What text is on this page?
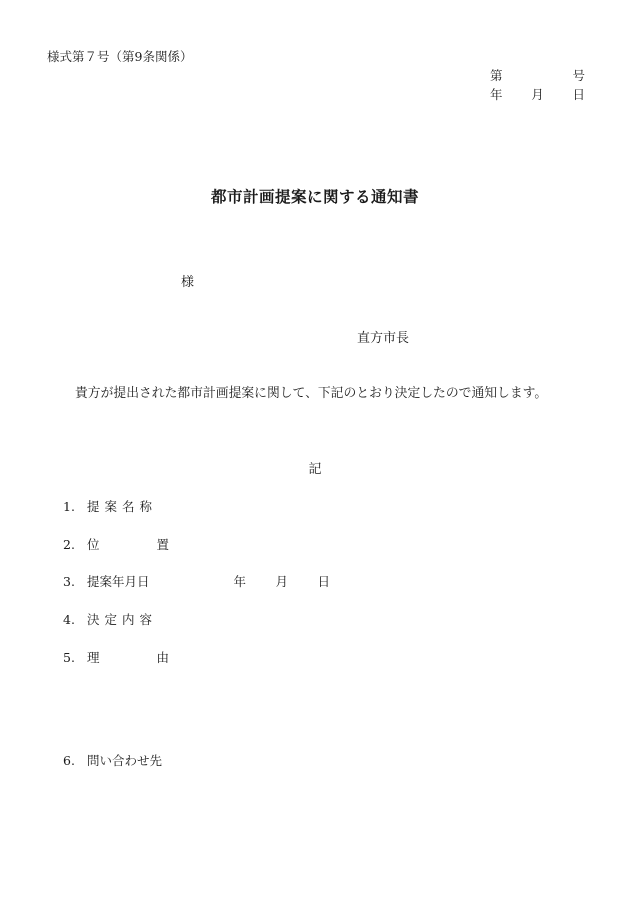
様式第７号（第9条関係）
第	号
年	月	日
都市計画提案に関する通知書
様
直方市長
貴方が提出された都市計画提案に関して、下記のとおり決定したので通知します。
記
1. 提案名称
2. 位	置
3. 提案年月日	年	月	日
4. 決定内容
5. 理	由
6. 問い合わせ先
